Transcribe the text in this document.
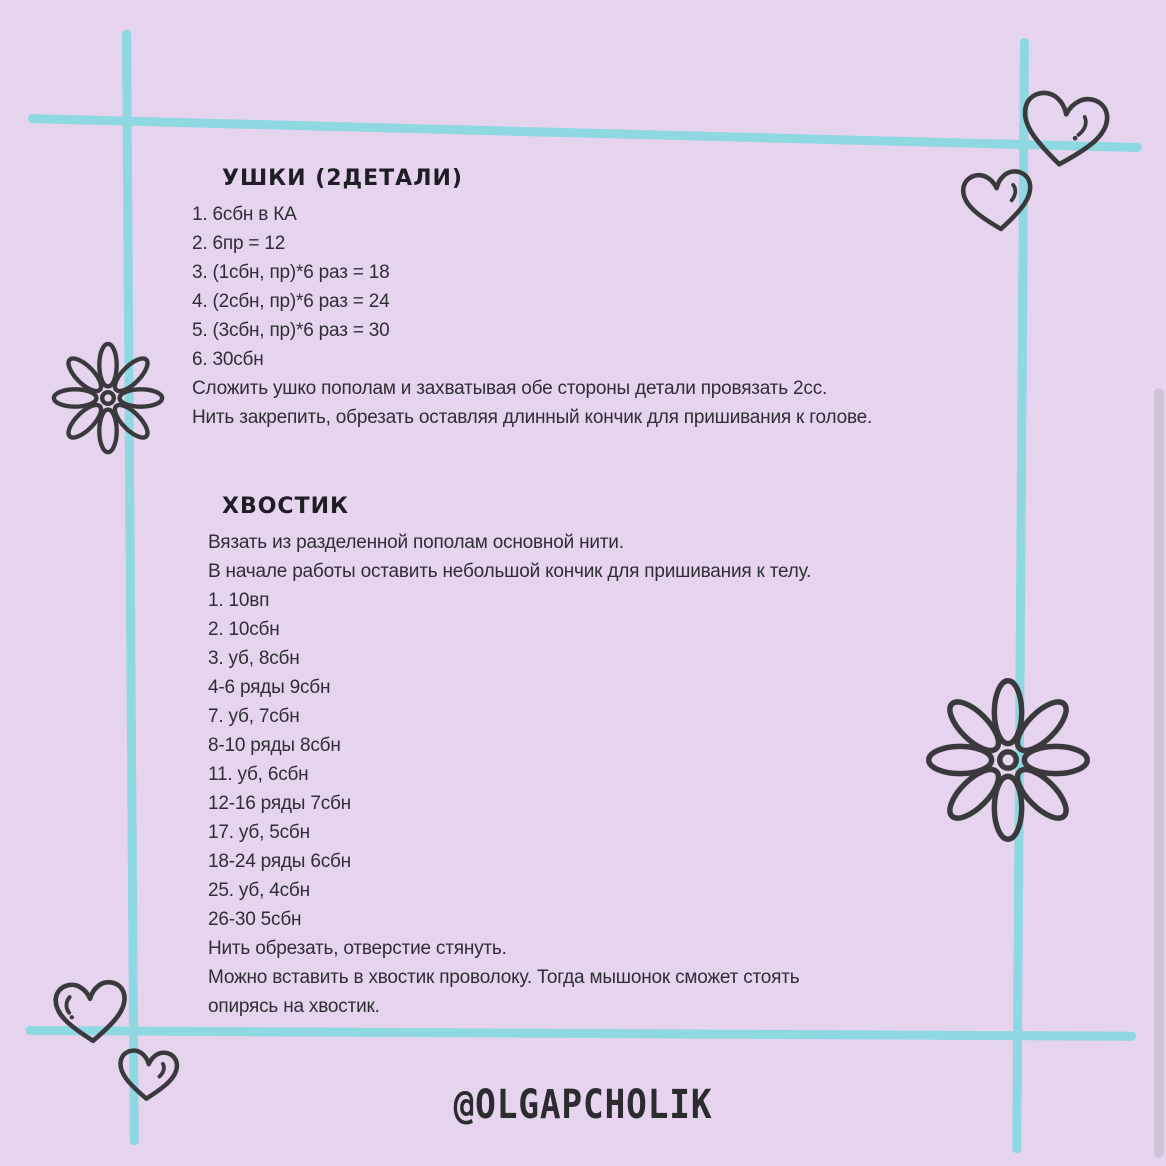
УШКИ (2ДЕТАЛИ)
1. 6сбн в КА
2. 6пр = 12
3. (1сбн, пр)*6 раз = 18
4. (2сбн, пр)*6 раз = 24
5. (3сбн, пр)*6 раз = 30
6. 30сбн
Сложить ушко пополам и захватывая обе стороны детали провязать 2сс.
Нить закрепить, обрезать оставляя длинный кончик для пришивания к голове.
ХВОСТИК
Вязать из разделенной пополам основной нити.
В начале работы оставить небольшой кончик для пришивания к телу.
1. 10вп
2. 10сбн
3. уб, 8сбн
4-6 ряды 9сбн
7. уб, 7сбн
8-10 ряды 8сбн
11. уб, 6сбн
12-16 ряды 7сбн
17. уб, 5сбн
18-24 ряды 6сбн
25. уб, 4сбн
26-30 5сбн
Нить обрезать, отверстие стянуть.
Можно вставить в хвостик проволоку. Тогда мышонок сможет стоять
опирясь на хвостик.
@OLGAPCHOLIK
